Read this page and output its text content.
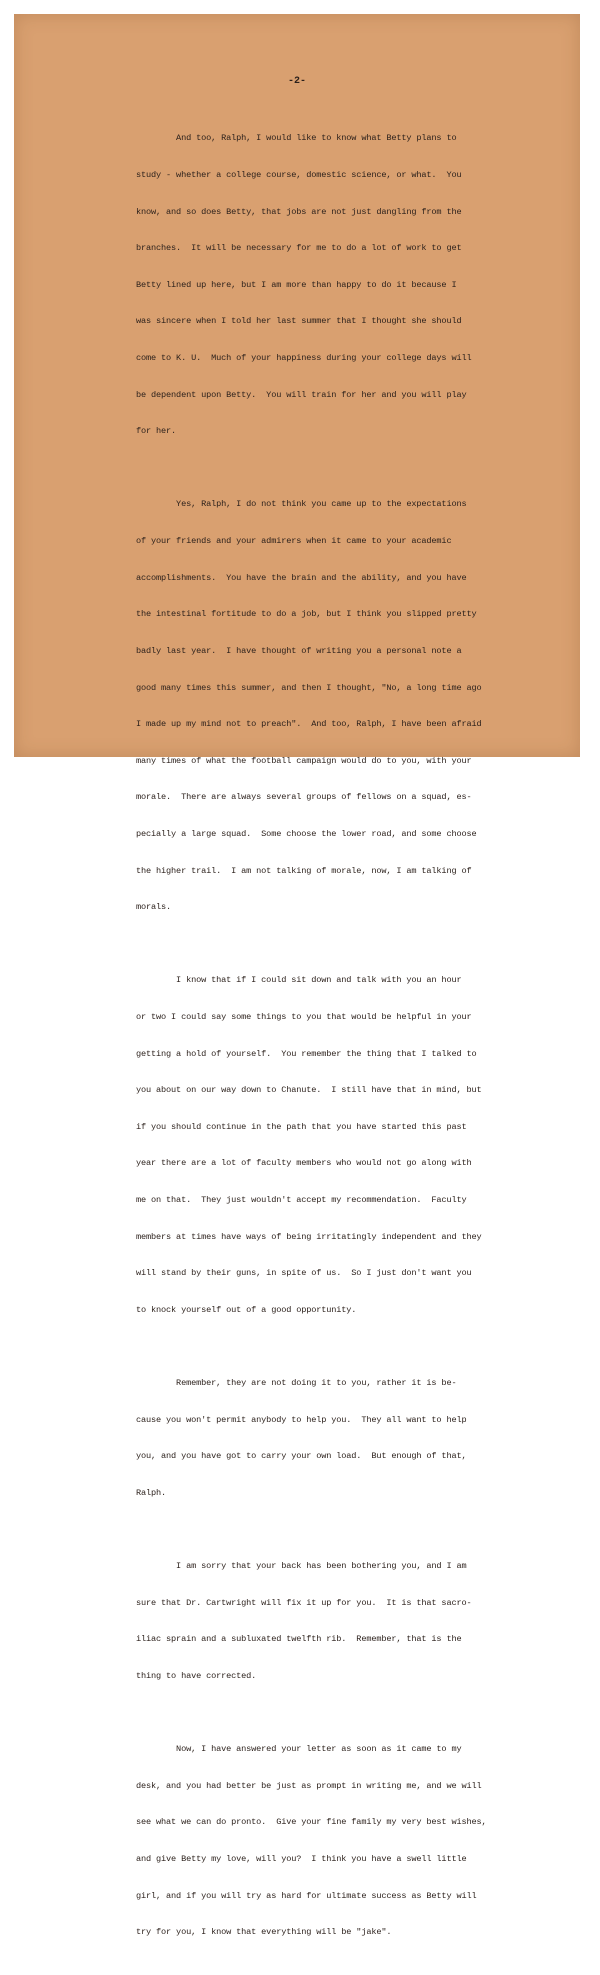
-2-

And too, Ralph, I would like to know what Betty plans to

study - whether a college course, domestic science, or what.  You

know, and so does Betty, that jobs are not just dangling from the

branches.  It will be necessary for me to do a lot of work to get

Betty lined up here, but I am more than happy to do it because I

was sincere when I told her last summer that I thought she should

come to K. U.  Much of your happiness during your college days will

be dependent upon Betty.  You will train for her and you will play

for her.

Yes, Ralph, I do not think you came up to the expectations

of your friends and your admirers when it came to your academic

accomplishments.  You have the brain and the ability, and you have

the intestinal fortitude to do a job, but I think you slipped pretty

badly last year.  I have thought of writing you a personal note a

good many times this summer, and then I thought, "No, a long time ago

I made up my mind not to preach".  And too, Ralph, I have been afraid

many times of what the football campaign would do to you, with your

morale.  There are always several groups of fellows on a squad, es-

pecially a large squad.  Some choose the lower road, and some choose

the higher trail.  I am not talking of morale, now, I am talking of

morals.

I know that if I could sit down and talk with you an hour

or two I could say some things to you that would be helpful in your

getting a hold of yourself.  You remember the thing that I talked to

you about on our way down to Chanute.  I still have that in mind, but

if you should continue in the path that you have started this past

year there are a lot of faculty members who would not go along with

me on that.  They just wouldn't accept my recommendation.  Faculty

members at times have ways of being irritatingly independent and they

will stand by their guns, in spite of us.  So I just don't want you

to knock yourself out of a good opportunity.

Remember, they are not doing it to you, rather it is be-

cause you won't permit anybody to help you.  They all want to help

you, and you have got to carry your own load.  But enough of that,

Ralph.

I am sorry that your back has been bothering you, and I am

sure that Dr. Cartwright will fix it up for you.  It is that sacro-

iliac sprain and a subluxated twelfth rib.  Remember, that is the

thing to have corrected.

Now, I have answered your letter as soon as it came to my

desk, and you had better be just as prompt in writing me, and we will

see what we can do pronto.  Give your fine family my very best wishes,

and give Betty my love, will you?  I think you have a swell little

girl, and if you will try as hard for ultimate success as Betty will

try for you, I know that everything will be "jake".
